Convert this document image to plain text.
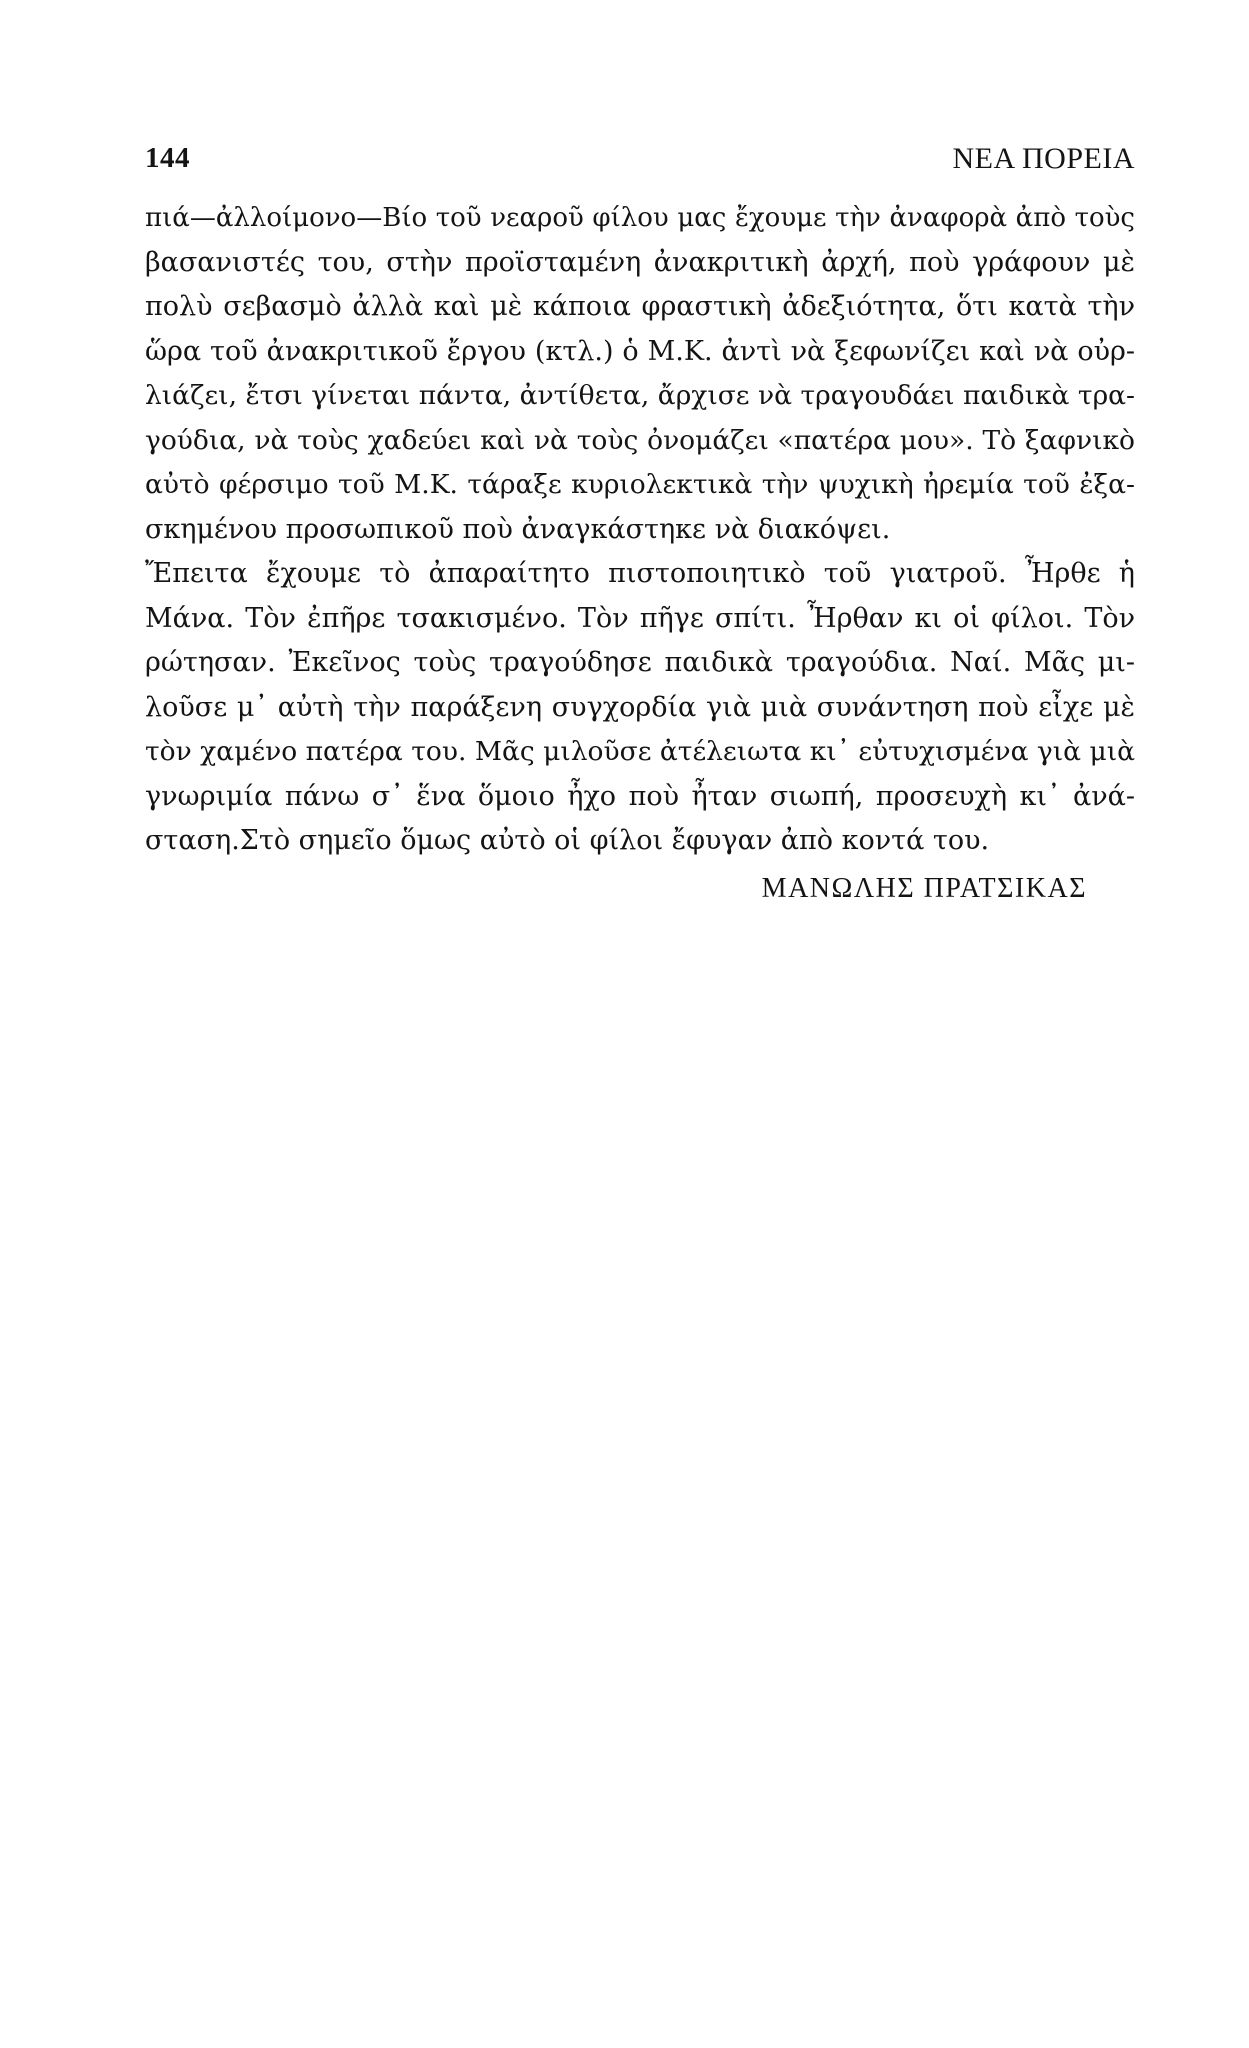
144	ΝΕΑ ΠΟΡΕΙΑ
πιά—ἀλλοίμονο—Βίο τοῦ νεαροῦ φίλου μας ἔχουμε τὴν ἀναφορὰ ἀπὸ τοὺς
βασανιστές του, στὴν προϊσταμένη ἀνακριτικὴ ἀρχή, ποὺ γράφουν μὲ
πολὺ σεβασμὸ ἀλλὰ καὶ μὲ κάποια φραστικὴ ἀδεξιότητα, ὅτι κατὰ τὴν
ὥρα τοῦ ἀνακριτικοῦ ἔργου (κτλ.) ὁ Μ.Κ. ἀντὶ νὰ ξεφωνίζει καὶ νὰ οὐρ-
λιάζει, ἔτσι γίνεται πάντα, ἀντίθετα, ἄρχισε νὰ τραγουδάει παιδικὰ τρα-
γούδια, νὰ τοὺς χαδεύει καὶ νὰ τοὺς ὀνομάζει «πατέρα μου». Τὸ ξαφνικὸ
αὐτὸ φέρσιμο τοῦ Μ.Κ. τάραξε κυριολεκτικὰ τὴν ψυχικὴ ἠρεμία τοῦ ἐξα-
σκημένου προσωπικοῦ ποὺ ἀναγκάστηκε νὰ διακόψει.
Ἔπειτα ἔχουμε τὸ ἀπαραίτητο πιστοποιητικὸ τοῦ γιατροῦ. Ἦρθε ἡ
Μάνα. Τὸν ἐπῆρε τσακισμένο. Τὸν πῆγε σπίτι. Ἦρθαν κι οἱ φίλοι. Τὸν
ρώτησαν. Ἐκεῖνος τοὺς τραγούδησε παιδικὰ τραγούδια. Ναί. Μᾶς μι-
λοῦσε μ᾽ αὐτὴ τὴν παράξενη συγχορδία γιὰ μιὰ συνάντηση ποὺ εἶχε μὲ
τὸν χαμένο πατέρα του. Μᾶς μιλοῦσε ἀτέλειωτα κι᾽ εὐτυχισμένα γιὰ μιὰ
γνωριμία πάνω σ᾽ ἕνα ὅμοιο ἦχο ποὺ ἦταν σιωπή, προσευχὴ κι᾽ ἀνά-
σταση.Στὸ σημεῖο ὅμως αὐτὸ οἱ φίλοι ἔφυγαν ἀπὸ κοντά του.
ΜΑΝΩΛΗΣ ΠΡΑΤΣΙΚΑΣ
